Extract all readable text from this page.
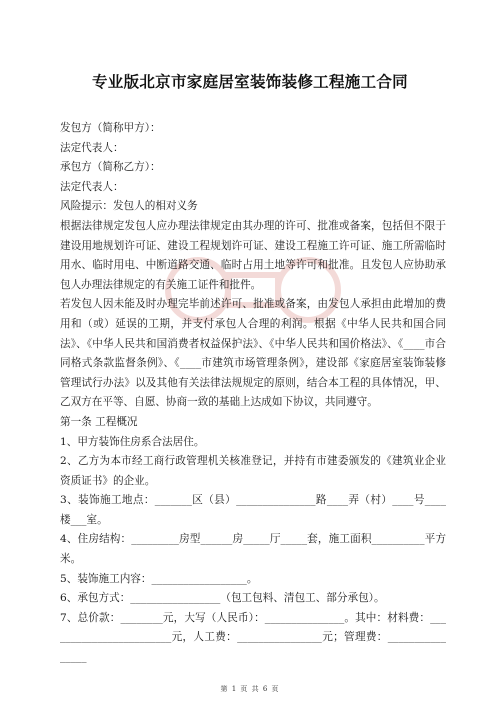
专业版北京市家庭居室装饰装修工程施工合同
发包方（简称甲方）：
法定代表人：
承包方（简称乙方）：
法定代表人：
风险提示：发包人的相对义务
根据法律规定发包人应办理法律规定由其办理的许可、批准或备案，包括但不限于建设用地规划许可证、建设工程规划许可证、建设工程施工许可证、施工所需临时用水、临时用电、中断道路交通、临时占用土地等许可和批准。且发包人应协助承包人办理法律规定的有关施工证件和批件。
若发包人因未能及时办理完毕前述许可、批准或备案，由发包人承担由此增加的费用和（或）延误的工期，并支付承包人合理的利润。根据《中华人民共和国合同法》、《中华人民共和国消费者权益保护法》、《中华人民共和国价格法》、《____市合同格式条款监督条例》、《____市建筑市场管理条例》，建设部《家庭居室装饰装修管理试行办法》以及其他有关法律法规规定的原则，结合本工程的具体情况，甲、乙双方在平等、自愿、协商一致的基础上达成如下协议，共同遵守。
第一条 工程概况
1、甲方装饰住房系合法居住。
2、乙方为本市经工商行政管理机关核准登记，并持有市建委颁发的《建筑业企业资质证书》的企业。
3、装饰施工地点：_______区（县）_______________路____弄（村）____号____楼___室。
4、住房结构：_________房型______房_____厅_____套，施工面积__________平方米。
5、装饰施工内容：__________________。
6、承包方式：_________________（包工包料、清包工、部分承包）。
7、总价款：________元，大写（人民币）：_______________。其中：材料费：________________________元，人工费：________________元；管理费：________________
第 1 页 共 6 页
